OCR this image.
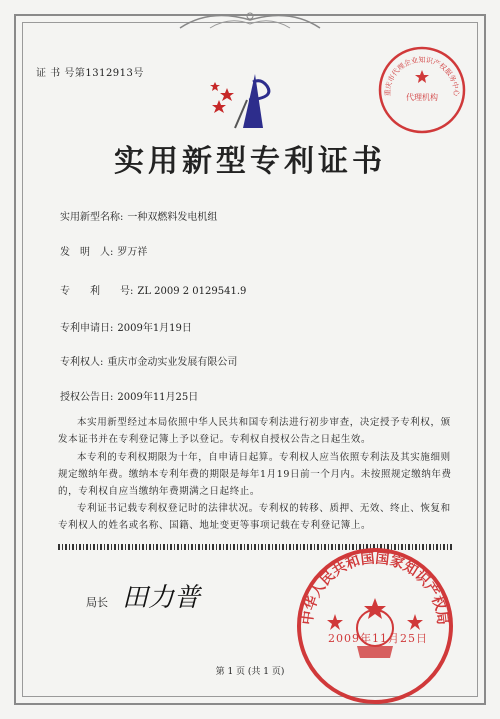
证 书 号第1312913号
实用新型专利证书
实用新型名称: 一种双燃料发电机组
发　明　人: 罗万祥
专　　利　　号: ZL 2009 2 0129541.9
专利申请日: 2009年1月19日
专利权人: 重庆市金动实业发展有限公司
授权公告日: 2009年11月25日
本实用新型经过本局依照中华人民共和国专利法进行初步审查，决定授予专利权，颁发本证书并在专利登记簿上予以登记。专利权自授权公告之日起生效。
本专利的专利权期限为十年，自申请日起算。专利权人应当依照专利法及其实施细则规定缴纳年费。缴纳本专利年费的期限是每年1月19日前一个月内。未按照规定缴纳年费的，专利权自应当缴纳年费期满之日起终止。
专利证书记载专利权登记时的法律状况。专利权的转移、质押、无效、终止、恢复和专利权人的姓名或名称、国籍、地址变更等事项记载在专利登记簿上。
局长 田力普
中华人民共和国国家知识产权局
2009年11月25日
重庆市代理企业知识产权服务中心
代理机构
第 1 页 (共 1 页)
